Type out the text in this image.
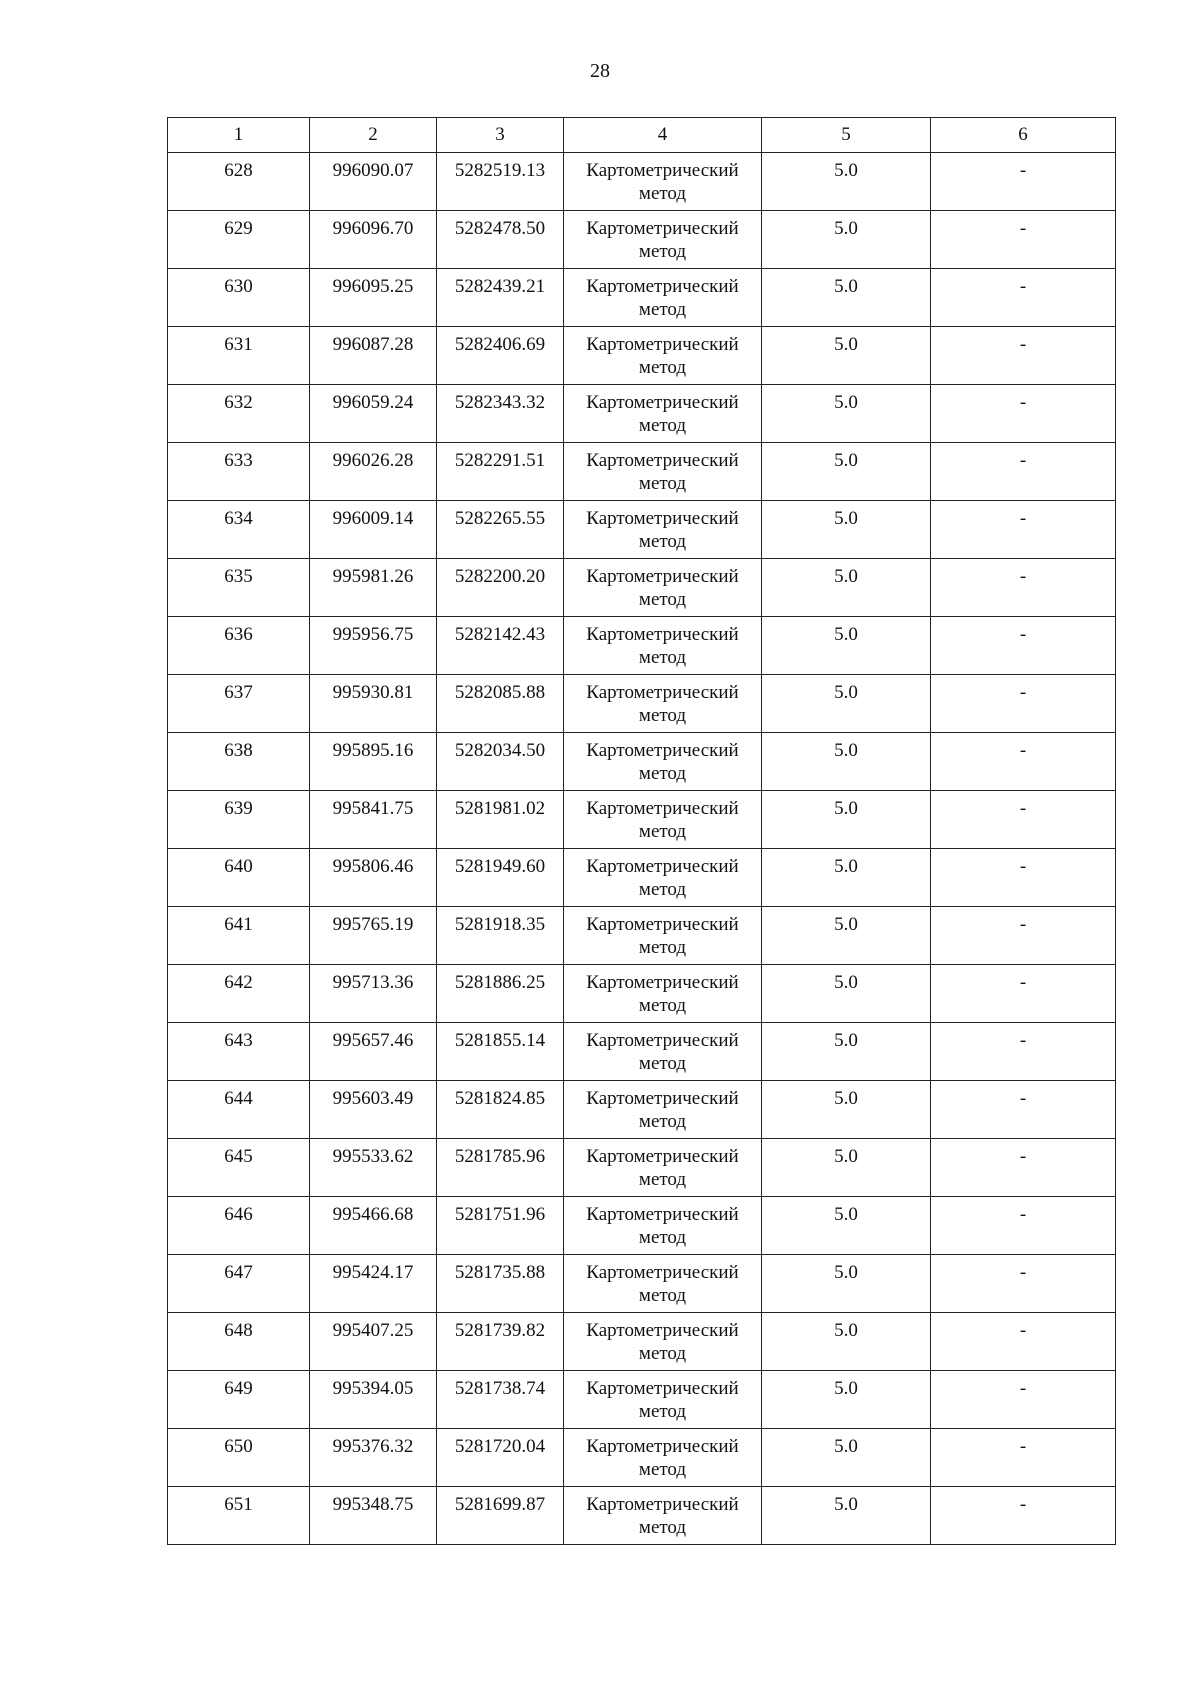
28
1	2	3	4	5	6
628	996090.07	5282519.13	Картометрический метод	5.0	-
629	996096.70	5282478.50	Картометрический метод	5.0	-
630	996095.25	5282439.21	Картометрический метод	5.0	-
631	996087.28	5282406.69	Картометрический метод	5.0	-
632	996059.24	5282343.32	Картометрический метод	5.0	-
633	996026.28	5282291.51	Картометрический метод	5.0	-
634	996009.14	5282265.55	Картометрический метод	5.0	-
635	995981.26	5282200.20	Картометрический метод	5.0	-
636	995956.75	5282142.43	Картометрический метод	5.0	-
637	995930.81	5282085.88	Картометрический метод	5.0	-
638	995895.16	5282034.50	Картометрический метод	5.0	-
639	995841.75	5281981.02	Картометрический метод	5.0	-
640	995806.46	5281949.60	Картометрический метод	5.0	-
641	995765.19	5281918.35	Картометрический метод	5.0	-
642	995713.36	5281886.25	Картометрический метод	5.0	-
643	995657.46	5281855.14	Картометрический метод	5.0	-
644	995603.49	5281824.85	Картометрический метод	5.0	-
645	995533.62	5281785.96	Картометрический метод	5.0	-
646	995466.68	5281751.96	Картометрический метод	5.0	-
647	995424.17	5281735.88	Картометрический метод	5.0	-
648	995407.25	5281739.82	Картометрический метод	5.0	-
649	995394.05	5281738.74	Картометрический метод	5.0	-
650	995376.32	5281720.04	Картометрический метод	5.0	-
651	995348.75	5281699.87	Картометрический метод	5.0	-
